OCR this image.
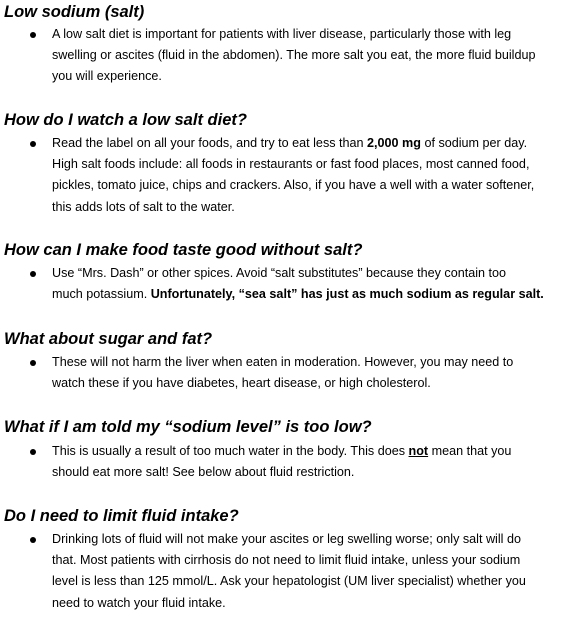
Low sodium (salt)

A low salt diet is important for patients with liver disease, particularly those with leg
swelling or ascites (fluid in the abdomen). The more salt you eat, the more fluid buildup
you will experience.

How do I watch a low salt diet?

Read the label on all your foods, and try to eat less than 2,000 mg of sodium per day.
High salt foods include: all foods in restaurants or fast food places, most canned food,
pickles, tomato juice, chips and crackers. Also, if you have a well with a water softener,
this adds lots of salt to the water.

How can I make food taste good without salt?

Use “Mrs. Dash” or other spices. Avoid “salt substitutes” because they contain too
much potassium. Unfortunately, “sea salt” has just as much sodium as regular salt.

What about sugar and fat?

These will not harm the liver when eaten in moderation. However, you may need to
watch these if you have diabetes, heart disease, or high cholesterol.

What if I am told my “sodium level” is too low?

This is usually a result of too much water in the body. This does not mean that you
should eat more salt! See below about fluid restriction.

Do I need to limit fluid intake?

Drinking lots of fluid will not make your ascites or leg swelling worse; only salt will do
that. Most patients with cirrhosis do not need to limit fluid intake, unless your sodium
level is less than 125 mmol/L. Ask your hepatologist (UM liver specialist) whether you
need to watch your fluid intake.
